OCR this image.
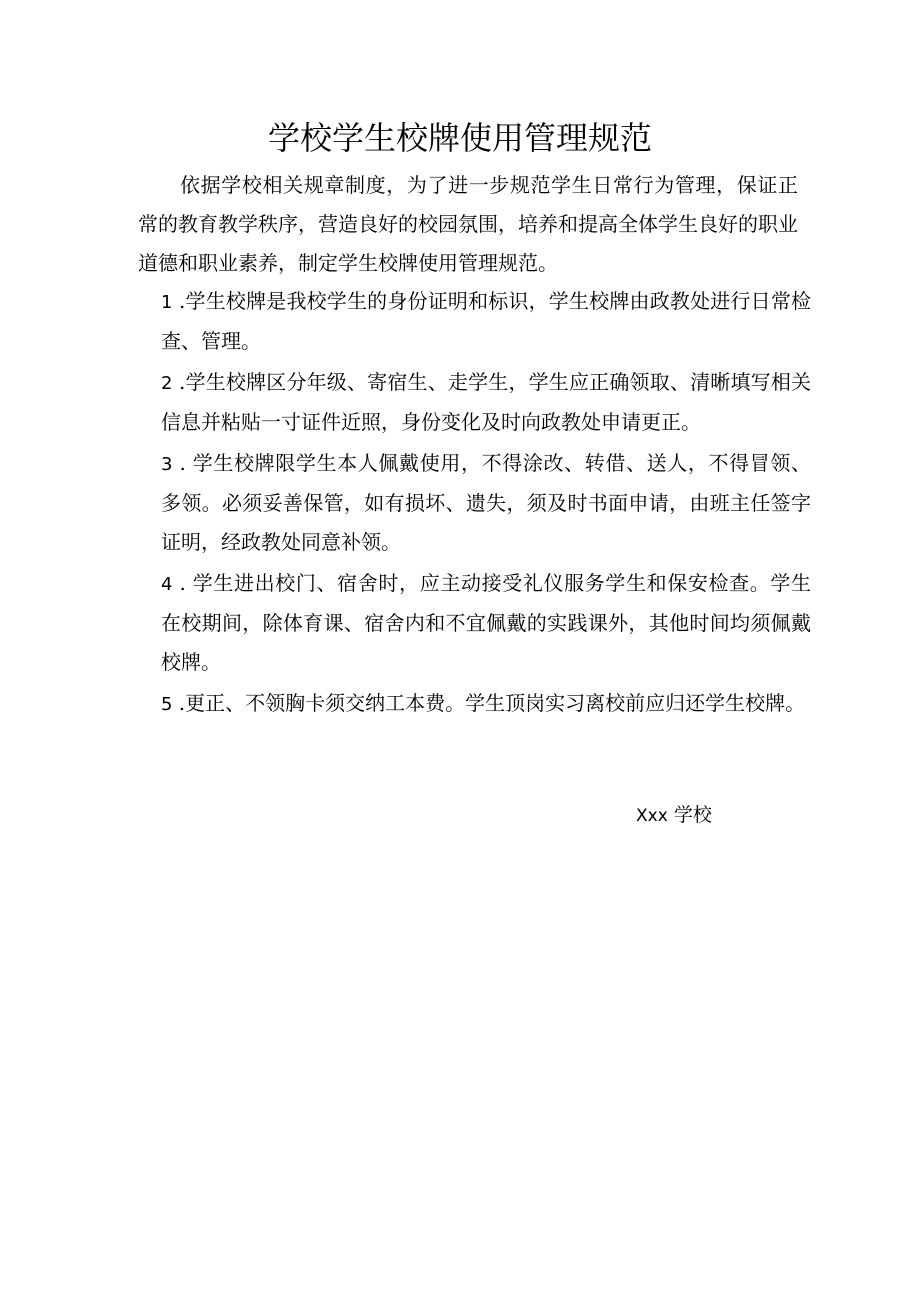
学校学生校牌使用管理规范

依据学校相关规章制度，为了进一步规范学生日常行为管理，保证正常的教育教学秩序，营造良好的校园氛围，培养和提高全体学生良好的职业道德和职业素养，制定学生校牌使用管理规范。

1 .学生校牌是我校学生的身份证明和标识，学生校牌由政教处进行日常检查、管理。
2 .学生校牌区分年级、寄宿生、走学生，学生应正确领取、清晰填写相关信息并粘贴一寸证件近照，身份变化及时向政教处申请更正。
3 . 学生校牌限学生本人佩戴使用，不得涂改、转借、送人，不得冒领、多领。必须妥善保管，如有损坏、遗失，须及时书面申请，由班主任签字证明，经政教处同意补领。
4 . 学生进出校门、宿舍时，应主动接受礼仪服务学生和保安检查。学生在校期间，除体育课、宿舍内和不宜佩戴的实践课外，其他时间均须佩戴校牌。
5 .更正、不领胸卡须交纳工本费。学生顶岗实习离校前应归还学生校牌。

Xxx 学校
